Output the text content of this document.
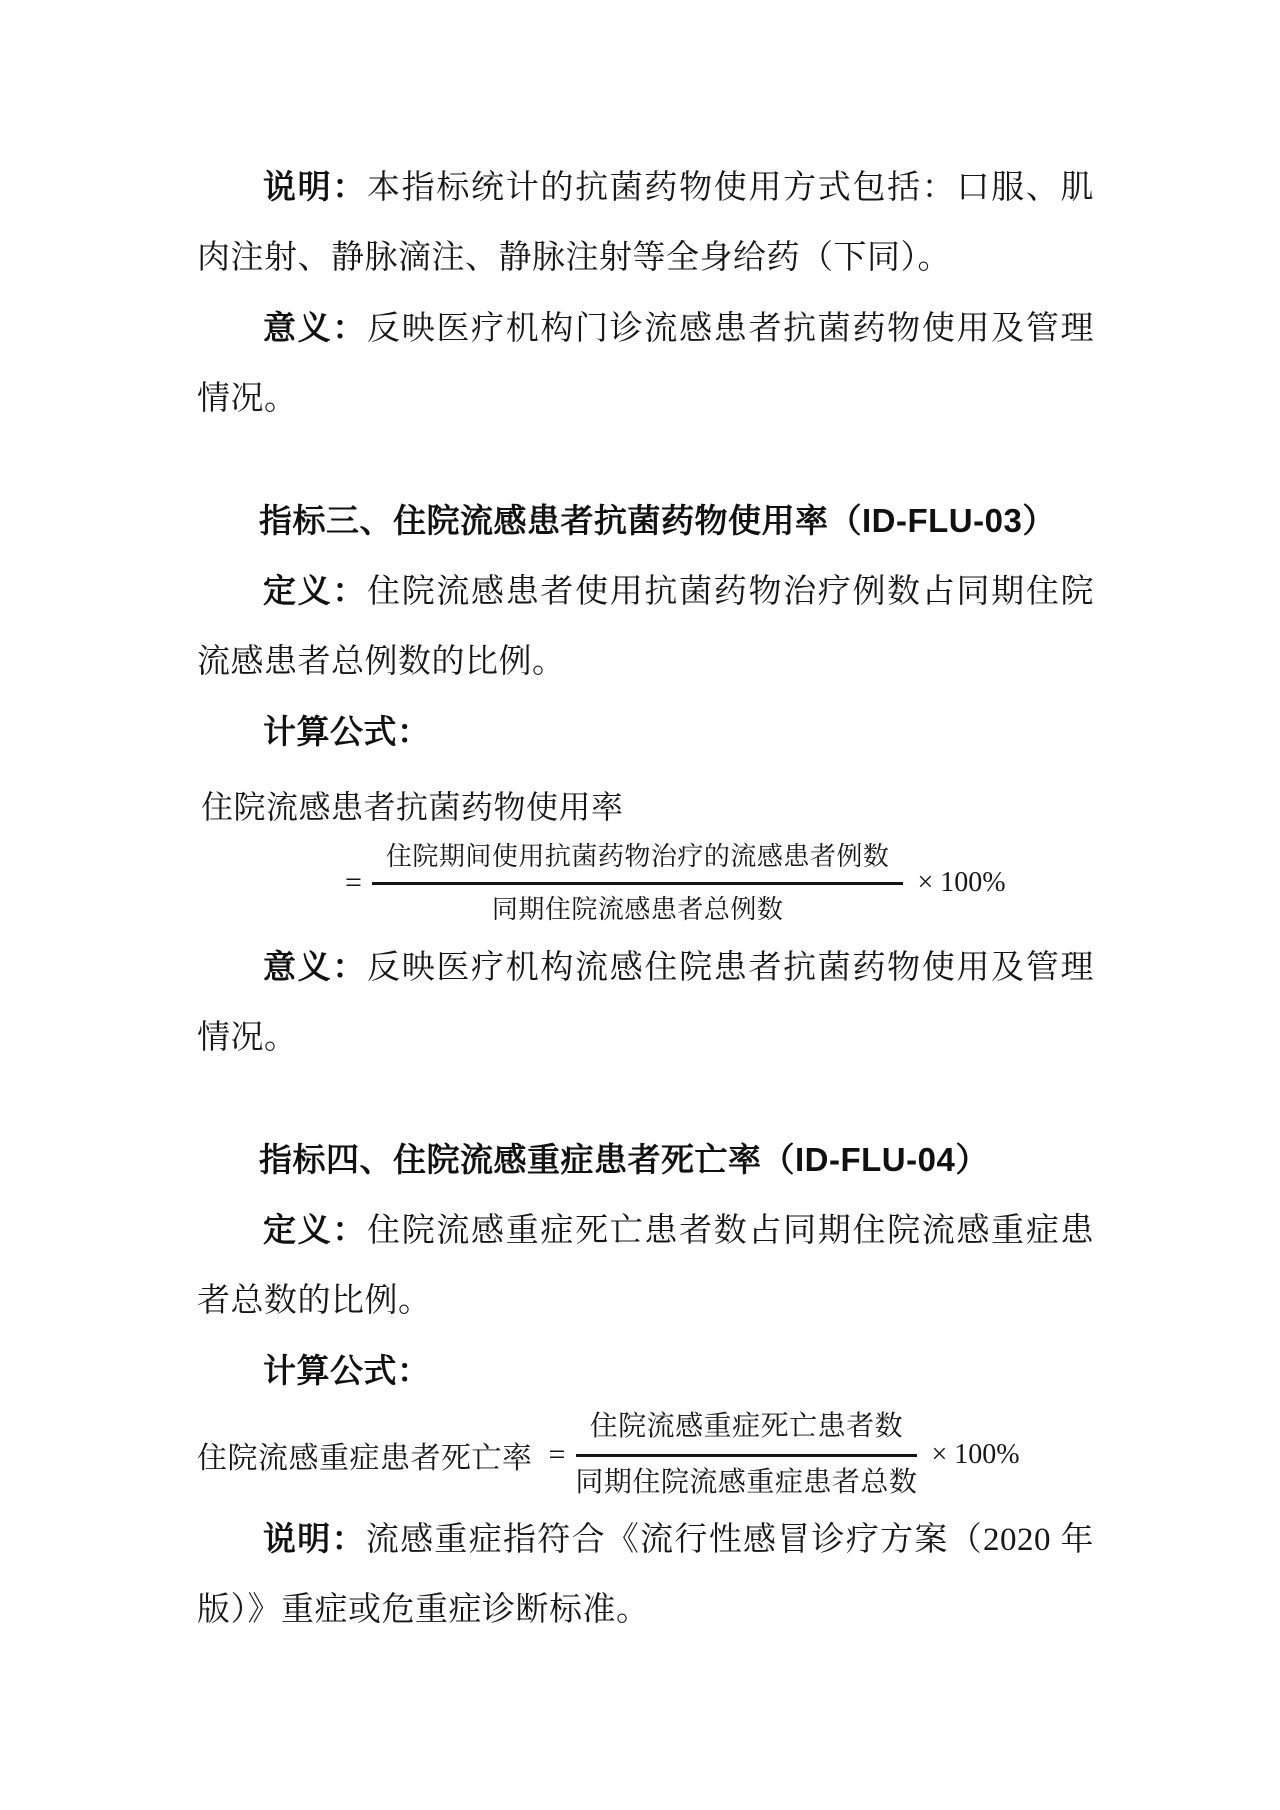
说明：本指标统计的抗菌药物使用方式包括：口服、肌肉注射、静脉滴注、静脉注射等全身给药（下同）。

意义：反映医疗机构门诊流感患者抗菌药物使用及管理情况。

指标三、住院流感患者抗菌药物使用率（ID-FLU-03）

定义：住院流感患者使用抗菌药物治疗例数占同期住院流感患者总例数的比例。

计算公式：

住院流感患者抗菌药物使用率
= $\frac{\text{住院期间使用抗菌药物治疗的流感患者例数}}{\text{同期住院流感患者总例数}} \times 100\%$

意义：反映医疗机构流感住院患者抗菌药物使用及管理情况。

指标四、住院流感重症患者死亡率（ID-FLU-04）

定义：住院流感重症死亡患者数占同期住院流感重症患者总数的比例。

计算公式：

住院流感重症患者死亡率 = $\frac{\text{住院流感重症死亡患者数}}{\text{同期住院流感重症患者总数}} \times 100\%$

说明：流感重症指符合《流行性感冒诊疗方案（2020 年版）》重症或危重症诊断标准。
